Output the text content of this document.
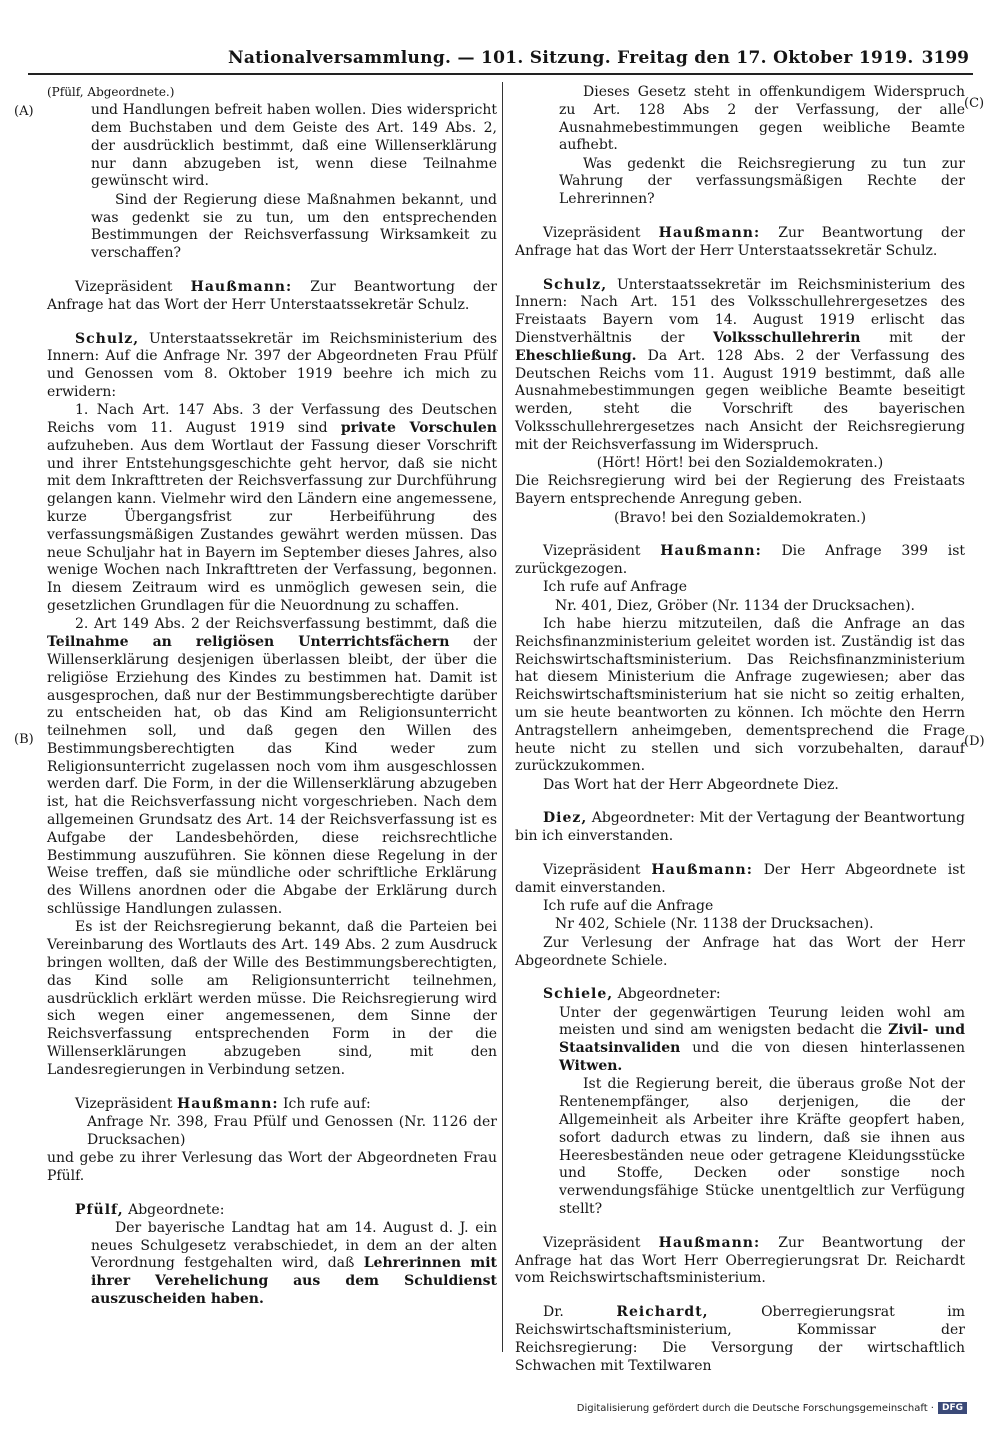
Nationalversammlung. — 101. Sitzung. Freitag den 17. Oktober 1919. 3199
(A)
(B)
(C)
(D)

(Pfülf, Abgeordnete.)

und Handlungen befreit haben wollen. Dies widerspricht dem Buchstaben und dem Geiste des Art. 149 Abs. 2, der ausdrücklich bestimmt, daß eine Willenserklärung nur dann abzugeben ist, wenn diese Teilnahme gewünscht wird.

Sind der Regierung diese Maßnahmen bekannt, und was gedenkt sie zu tun, um den entsprechenden Bestimmungen der Reichsverfassung Wirksamkeit zu verschaffen?

Vizepräsident Haußmann: Zur Beantwortung der Anfrage hat das Wort der Herr Unterstaatssekretär Schulz.

Schulz, Unterstaatssekretär im Reichsministerium des Innern: Auf die Anfrage Nr. 397 der Abgeordneten Frau Pfülf und Genossen vom 8. Oktober 1919 beehre ich mich zu erwidern:

1. Nach Art. 147 Abs. 3 der Verfassung des Deutschen Reichs vom 11. August 1919 sind private Vorschulen aufzuheben. Aus dem Wortlaut der Fassung dieser Vorschrift und ihrer Entstehungsgeschichte geht hervor, daß sie nicht mit dem Inkrafttreten der Reichsverfassung zur Durchführung gelangen kann. Vielmehr wird den Ländern eine angemessene, kurze Übergangsfrist zur Herbeiführung des verfassungsmäßigen Zustandes gewährt werden müssen. Das neue Schuljahr hat in Bayern im September dieses Jahres, also wenige Wochen nach Inkrafttreten der Verfassung, begonnen. In diesem Zeitraum wird es unmöglich gewesen sein, die gesetzlichen Grundlagen für die Neuordnung zu schaffen.

2. Art 149 Abs. 2 der Reichsverfassung bestimmt, daß die Teilnahme an religiösen Unterrichtsfächern der Willenserklärung desjenigen überlassen bleibt, der über die religiöse Erziehung des Kindes zu bestimmen hat. Damit ist ausgesprochen, daß nur der Bestimmungsberechtigte darüber zu entscheiden hat, ob das Kind am Religionsunterricht teilnehmen soll, und daß gegen den Willen des Bestimmungsberechtigten das Kind weder zum Religionsunterricht zugelassen noch vom ihm ausgeschlossen werden darf. Die Form, in der die Willenserklärung abzugeben ist, hat die Reichsverfassung nicht vorgeschrieben. Nach dem allgemeinen Grundsatz des Art. 14 der Reichsverfassung ist es Aufgabe der Landesbehörden, diese reichsrechtliche Bestimmung auszuführen. Sie können diese Regelung in der Weise treffen, daß sie mündliche oder schriftliche Erklärung des Willens anordnen oder die Abgabe der Erklärung durch schlüssige Handlungen zulassen.

Es ist der Reichsregierung bekannt, daß die Parteien bei Vereinbarung des Wortlauts des Art. 149 Abs. 2 zum Ausdruck bringen wollten, daß der Wille des Bestimmungsberechtigten, das Kind solle am Religionsunterricht teilnehmen, ausdrücklich erklärt werden müsse. Die Reichsregierung wird sich wegen einer angemessenen, dem Sinne der Reichsverfassung entsprechenden Form in der die Willenserklärungen abzugeben sind, mit den Landesregierungen in Verbindung setzen.

Vizepräsident Haußmann: Ich rufe auf:

Anfrage Nr. 398, Frau Pfülf und Genossen (Nr. 1126 der Drucksachen)

und gebe zu ihrer Verlesung das Wort der Abgeordneten Frau Pfülf.

Pfülf, Abgeordnete:

Der bayerische Landtag hat am 14. August d. J. ein neues Schulgesetz verabschiedet, in dem an der alten Verordnung festgehalten wird, daß Lehrerinnen mit ihrer Verehelichung aus dem Schuldienst auszuscheiden haben.

Dieses Gesetz steht in offenkundigem Widerspruch zu Art. 128 Abs 2 der Verfassung, der alle Ausnahmebestimmungen gegen weibliche Beamte aufhebt.

Was gedenkt die Reichsregierung zu tun zur Wahrung der verfassungsmäßigen Rechte der Lehrerinnen?

Vizepräsident Haußmann: Zur Beantwortung der Anfrage hat das Wort der Herr Unterstaatssekretär Schulz.

Schulz, Unterstaatssekretär im Reichsministerium des Innern: Nach Art. 151 des Volksschullehrergesetzes des Freistaats Bayern vom 14. August 1919 erlischt das Dienstverhältnis der Volksschullehrerin mit der Eheschließung. Da Art. 128 Abs. 2 der Verfassung des Deutschen Reichs vom 11. August 1919 bestimmt, daß alle Ausnahmebestimmungen gegen weibliche Beamte beseitigt werden, steht die Vorschrift des bayerischen Volksschullehrergesetzes nach Ansicht der Reichsregierung mit der Reichsverfassung im Widerspruch.

(Hört! Hört! bei den Sozialdemokraten.)

Die Reichsregierung wird bei der Regierung des Freistaats Bayern entsprechende Anregung geben.

(Bravo! bei den Sozialdemokraten.)

Vizepräsident Haußmann: Die Anfrage 399 ist zurückgezogen.

Ich rufe auf Anfrage

Nr. 401, Diez, Gröber (Nr. 1134 der Drucksachen).

Ich habe hierzu mitzuteilen, daß die Anfrage an das Reichsfinanzministerium geleitet worden ist. Zuständig ist das Reichswirtschaftsministerium. Das Reichsfinanzministerium hat diesem Ministerium die Anfrage zugewiesen; aber das Reichswirtschaftsministerium hat sie nicht so zeitig erhalten, um sie heute beantworten zu können. Ich möchte den Herrn Antragstellern anheimgeben, dementsprechend die Frage heute nicht zu stellen und sich vorzubehalten, darauf zurückzukommen.

Das Wort hat der Herr Abgeordnete Diez.

Diez, Abgeordneter: Mit der Vertagung der Beantwortung bin ich einverstanden.

Vizepräsident Haußmann: Der Herr Abgeordnete ist damit einverstanden.

Ich rufe auf die Anfrage

Nr 402, Schiele (Nr. 1138 der Drucksachen).

Zur Verlesung der Anfrage hat das Wort der Herr Abgeordnete Schiele.

Schiele, Abgeordneter:

Unter der gegenwärtigen Teurung leiden wohl am meisten und sind am wenigsten bedacht die Zivil- und Staatsinvaliden und die von diesen hinterlassenen Witwen.

Ist die Regierung bereit, die überaus große Not der Rentenempfänger, also derjenigen, die der Allgemeinheit als Arbeiter ihre Kräfte geopfert haben, sofort dadurch etwas zu lindern, daß sie ihnen aus Heeresbeständen neue oder getragene Kleidungsstücke und Stoffe, Decken oder sonstige noch verwendungsfähige Stücke unentgeltlich zur Verfügung stellt?

Vizepräsident Haußmann: Zur Beantwortung der Anfrage hat das Wort Herr Oberregierungsrat Dr. Reichardt vom Reichswirtschaftsministerium.

Dr.	Reichardt,	Oberregierungsrat im Reichswirtschaftsministerium, Kommissar der Reichsregierung: Die Versorgung der wirtschaftlich Schwachen mit Textilwaren

Digitalisierung gefördert durch die Deutsche Forschungsgemeinschaft · DFG
